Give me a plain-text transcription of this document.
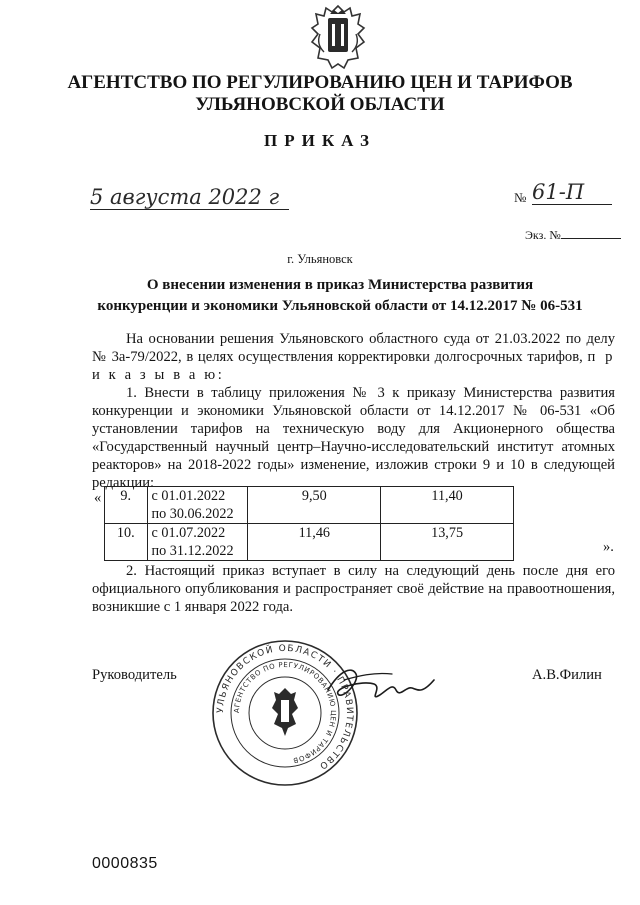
АГЕНТСТВО ПО РЕГУЛИРОВАНИЮ ЦЕН И ТАРИФОВ
УЛЬЯНОВСКОЙ ОБЛАСТИ
ПРИКАЗ
5 августа 2022 г	№ 61-П
Экз. №
г. Ульяновск
О внесении изменения в приказ Министерства развития
конкуренции и экономики Ульяновской области от 14.12.2017 № 06-531

На основании решения Ульяновского областного суда от 21.03.2022 по делу № 3а-79/2022, в целях осуществления корректировки долгосрочных тарифов, п р и к а з ы в а ю:

1. Внести в таблицу приложения № 3 к приказу Министерства развития конкуренции и экономики Ульяновской области от 14.12.2017 № 06-531 «Об установлении тарифов на техническую воду для Акционерного общества «Государственный научный центр–Научно-исследовательский институт атомных реакторов» на 2018-2022 годы» изменение, изложив строки 9 и 10 в следующей редакции:

« 9.	с 01.01.2022
по 30.06.2022	9,50	11,40
10.	с 01.07.2022
по 31.12.2022	11,46	13,75
».

2. Настоящий приказ вступает в силу на следующий день после дня его официального опубликования и распространяет своё действие на правоотношения, возникшие с 1 января 2022 года.

Руководитель	А.В.Филин
УЛЬЯНОВСКОЙ ОБЛАСТИ · ПРАВИТЕЛЬСТВО
АГЕНТСТВО ПО РЕГУЛИРОВАНИЮ ЦЕН И ТАРИФОВ
0000835
